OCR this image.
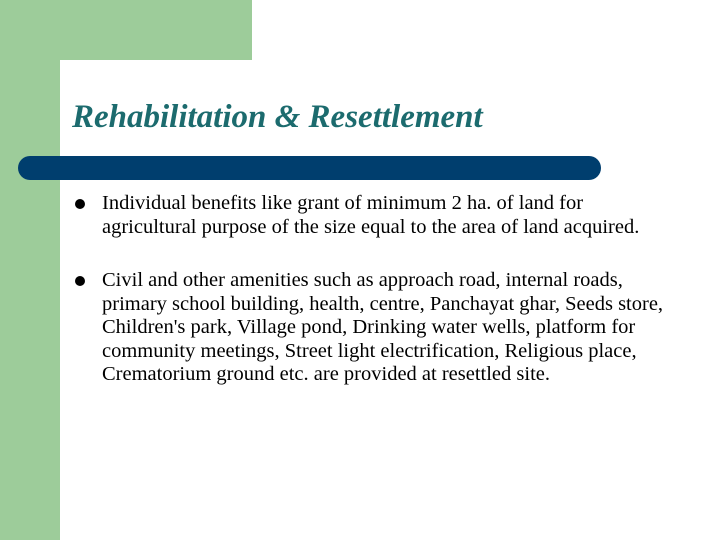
Rehabilitation & Resettlement
Individual benefits like grant of minimum 2 ha. of land for agricultural purpose of the size equal to the area of land acquired.
Civil and other amenities such as approach road, internal roads, primary school building, health, centre, Panchayat ghar, Seeds store, Children's park, Village pond, Drinking water wells, platform for community meetings, Street light electrification, Religious place, Crematorium ground etc. are provided at resettled site.
